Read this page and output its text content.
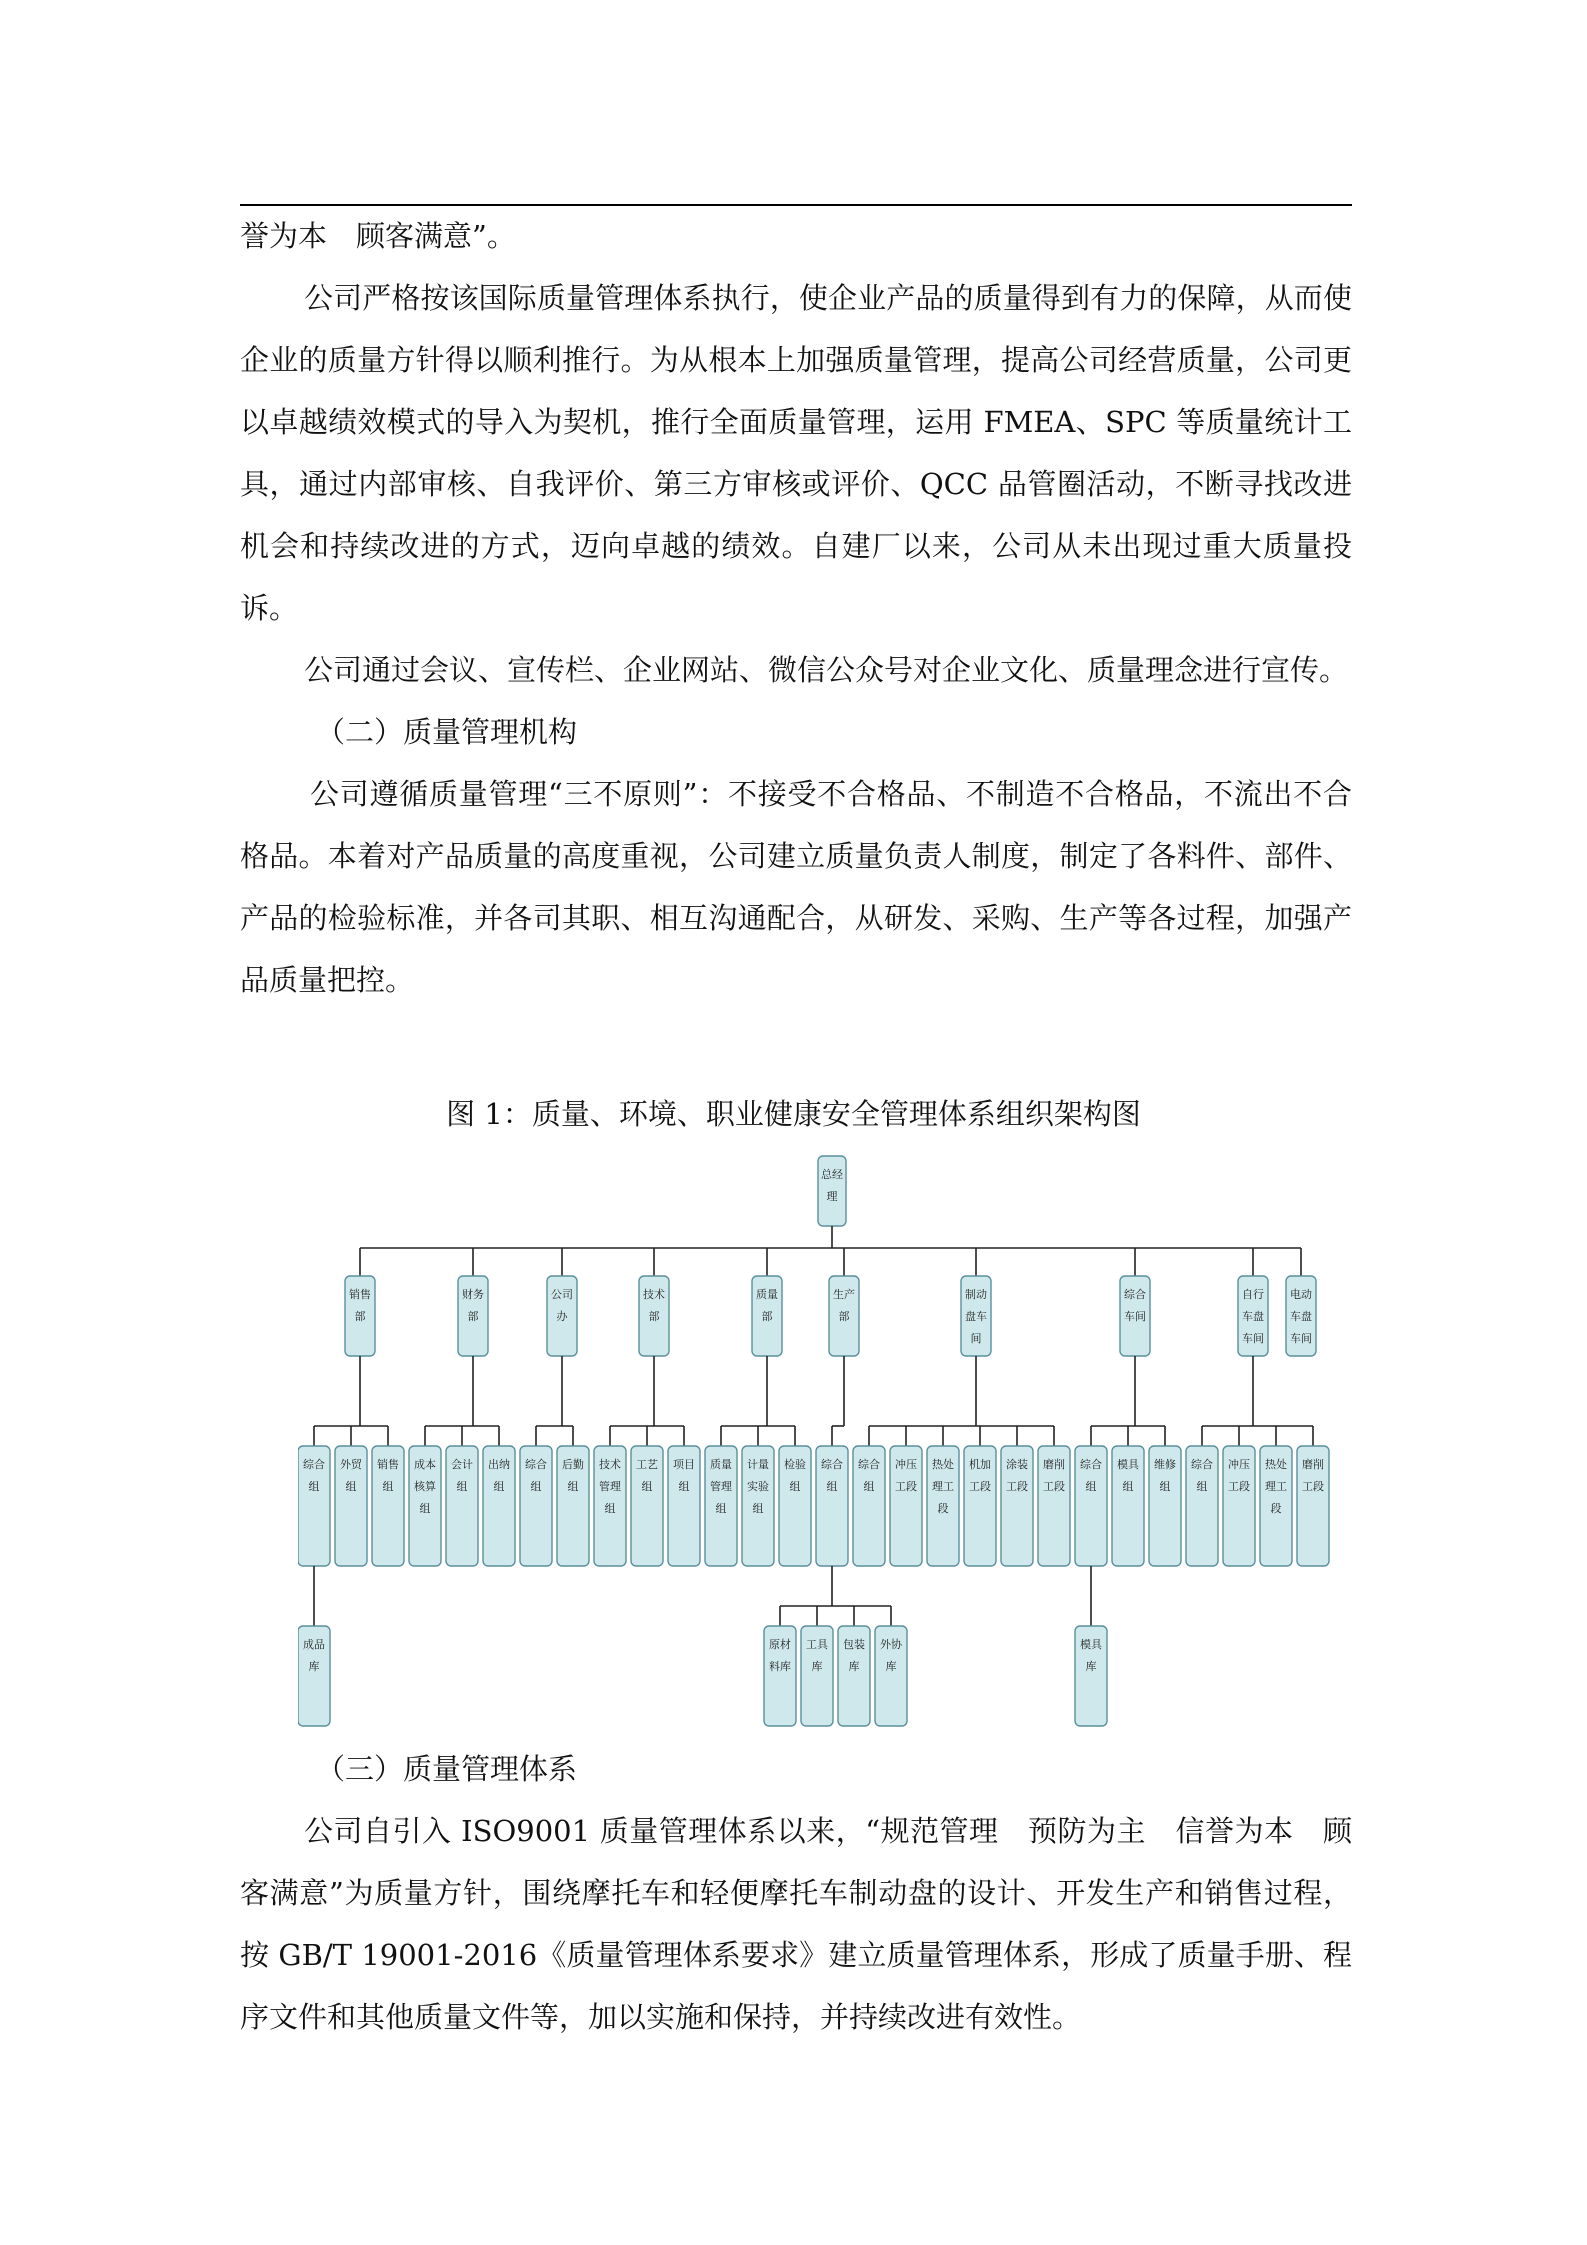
誉为本　顾客满意”。

公司严格按该国际质量管理体系执行，使企业产品的质量得到有力的保障，从而使企业的质量方针得以顺利推行。为从根本上加强质量管理，提高公司经营质量，公司更以卓越绩效模式的导入为契机，推行全面质量管理，运用 FMEA、SPC 等质量统计工具，通过内部审核、自我评价、第三方审核或评价、QCC 品管圈活动，不断寻找改进机会和持续改进的方式，迈向卓越的绩效。自建厂以来，公司从未出现过重大质量投诉。

公司通过会议、宣传栏、企业网站、微信公众号对企业文化、质量理念进行宣传。

（二）质量管理机构

公司遵循质量管理“三不原则”：不接受不合格品、不制造不合格品，不流出不合格品。本着对产品质量的高度重视，公司建立质量负责人制度，制定了各料件、部件、产品的检验标准，并各司其职、相互沟通配合，从研发、采购、生产等各过程，加强产品质量把控。

图 1：质量、环境、职业健康安全管理体系组织架构图
总经理
销售部
综合组
外贸组
销售组
成品库
财务部
成本核算组
会计组
出纳组
公司办
综合组
后勤组
技术部
技术管理组
工艺组
项目组
质量部
质量管理组
计量实验组
检验组
生产部
综合组
原材料库
工具库
包装库
外协库
制动盘车间
综合组
冲压工段
热处理工段
机加工段
涂装工段
磨削工段
综合车间
综合组
模具组
维修组
模具库
自行车盘车间
综合组
冲压工段
热处理工段
磨削工段
电动车盘车间

（三）质量管理体系

公司自引入 ISO9001 质量管理体系以来，“规范管理　预防为主　信誉为本　顾客满意”为质量方针，围绕摩托车和轻便摩托车制动盘的设计、开发生产和销售过程，按 GB/T 19001-2016《质量管理体系要求》建立质量管理体系，形成了质量手册、程序文件和其他质量文件等，加以实施和保持，并持续改进有效性。
